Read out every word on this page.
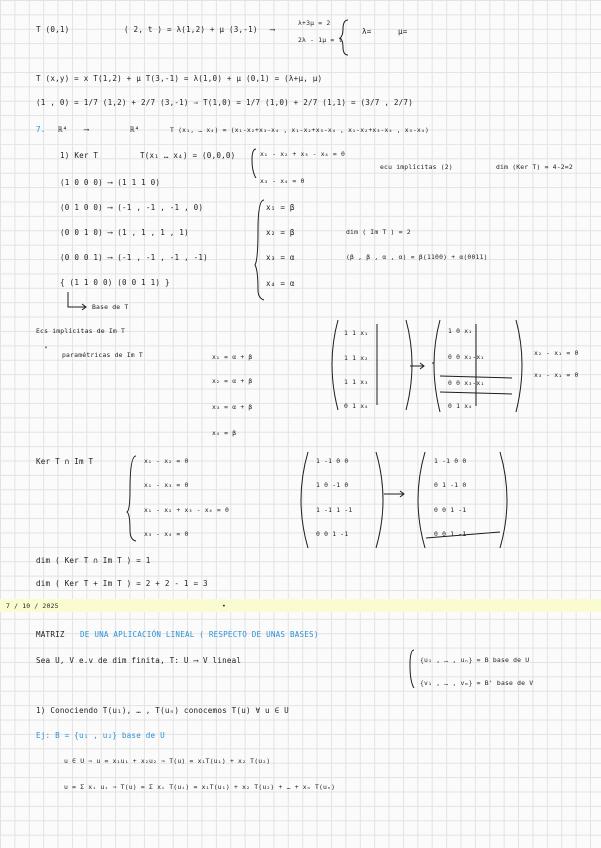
T (0,1)	( 2, t ) = λ(1,2) + μ (3,-1) ⟶
λ+3μ = 2
2λ - 1μ = t
λ=	μ=
T (x,y) = x T(1,2) + μ T(3,-1) = λ(1,0) + μ (0,1) = (λ+μ, μ)
(1 , 0) = 1/7 (1,2) + 2/7 (3,-1) ⇒ T(1,0) = 1/7 (1,0) + 2/7 (1,1) = (3/7 , 2/7)
7. ℝ⁴ ⟶	ℝ⁴	T (x₁, … x₄) = (x₁-x₂+x₃-x₄ , x₁-x₂+x₃-x₄ , x₁-x₂+x₃-x₄ , x₃-x₄)
1) Ker T	T(x₁ … x₄) = (0,0,0)	x₁ - x₂ + x₃ - x₄ = 0
x₃ - x₄ = 0
ecu implícitas (2)	dim (Ker T) = 4-2=2
(1 0 0 0) ⟶ (1 1 1 0)
(0 1 0 0) ⟶ (-1 , -1 , -1 , 0)
(0 0 1 0) ⟶ (1 , 1 , 1 , 1)
(0 0 0 1) ⟶ (-1 , -1 , -1 , -1)
{ (1 1 0 0) (0 0 1 1) }
Base de T
x₁ = β
x₂ = β
x₃ = α
x₄ = α
dim ( Im T ) = 2
(β , β , α , α) = β(1100) + α(0011)
Ecs implícitas de Im T
"
paramétricas de Im T	x₁ = α + β
x₂ = α + β
x₃ = α + β
x₄ = β
1 1 x₁
1 1 x₂
1 1 x₃
0 1 x₄
1 0 x₁
0 0 x₂-x₁
0 0 x₃-x₁
0 1 x₄
x₂ - x₁ = 0
x₃ - x₁ = 0
Ker T ∩ Im T	x₁ - x₂ = 0
x₁ - x₃ = 0
x₁ - x₂ + x₃ - x₄ = 0
x₃ - x₄ = 0
1 -1 0 0
1 0 -1 0
1 -1 1 -1
0 0 1 -1
1 -1 0 0
0 1 -1 0
0 0 1 -1
0 0 1 -1
dim ( Ker T ∩ Im T ) = 1
dim ( Ker T + Im T ) = 2 + 2 - 1 = 3
7 / 10 / 2025	•
MATRIZ DE UNA APLICACIÓN LINEAL ( RESPECTO DE UNAS BASES)
Sea U, V e.v de dim finita, T: U ⟶ V lineal	{u₁ , … , uₙ} = B base de U
{v₁ , … , vₘ} = B' base de V
1) Conociendo T(u₁), … , T(uₙ) conocemos T(u) ∀ u ∈ U
Ej: B = {u₁ , u₂} base de U
u ∈ U ⇒ u = x₁u₁ + x₂u₂ ⇒ T(u) = x₁T(u₁) + x₂ T(u₂)
u = Σ xᵢ uᵢ ⇒ T(u) = Σ xᵢ T(uᵢ) = x₁T(u₁) + x₂ T(u₂) + … + xₙ T(uₙ)
